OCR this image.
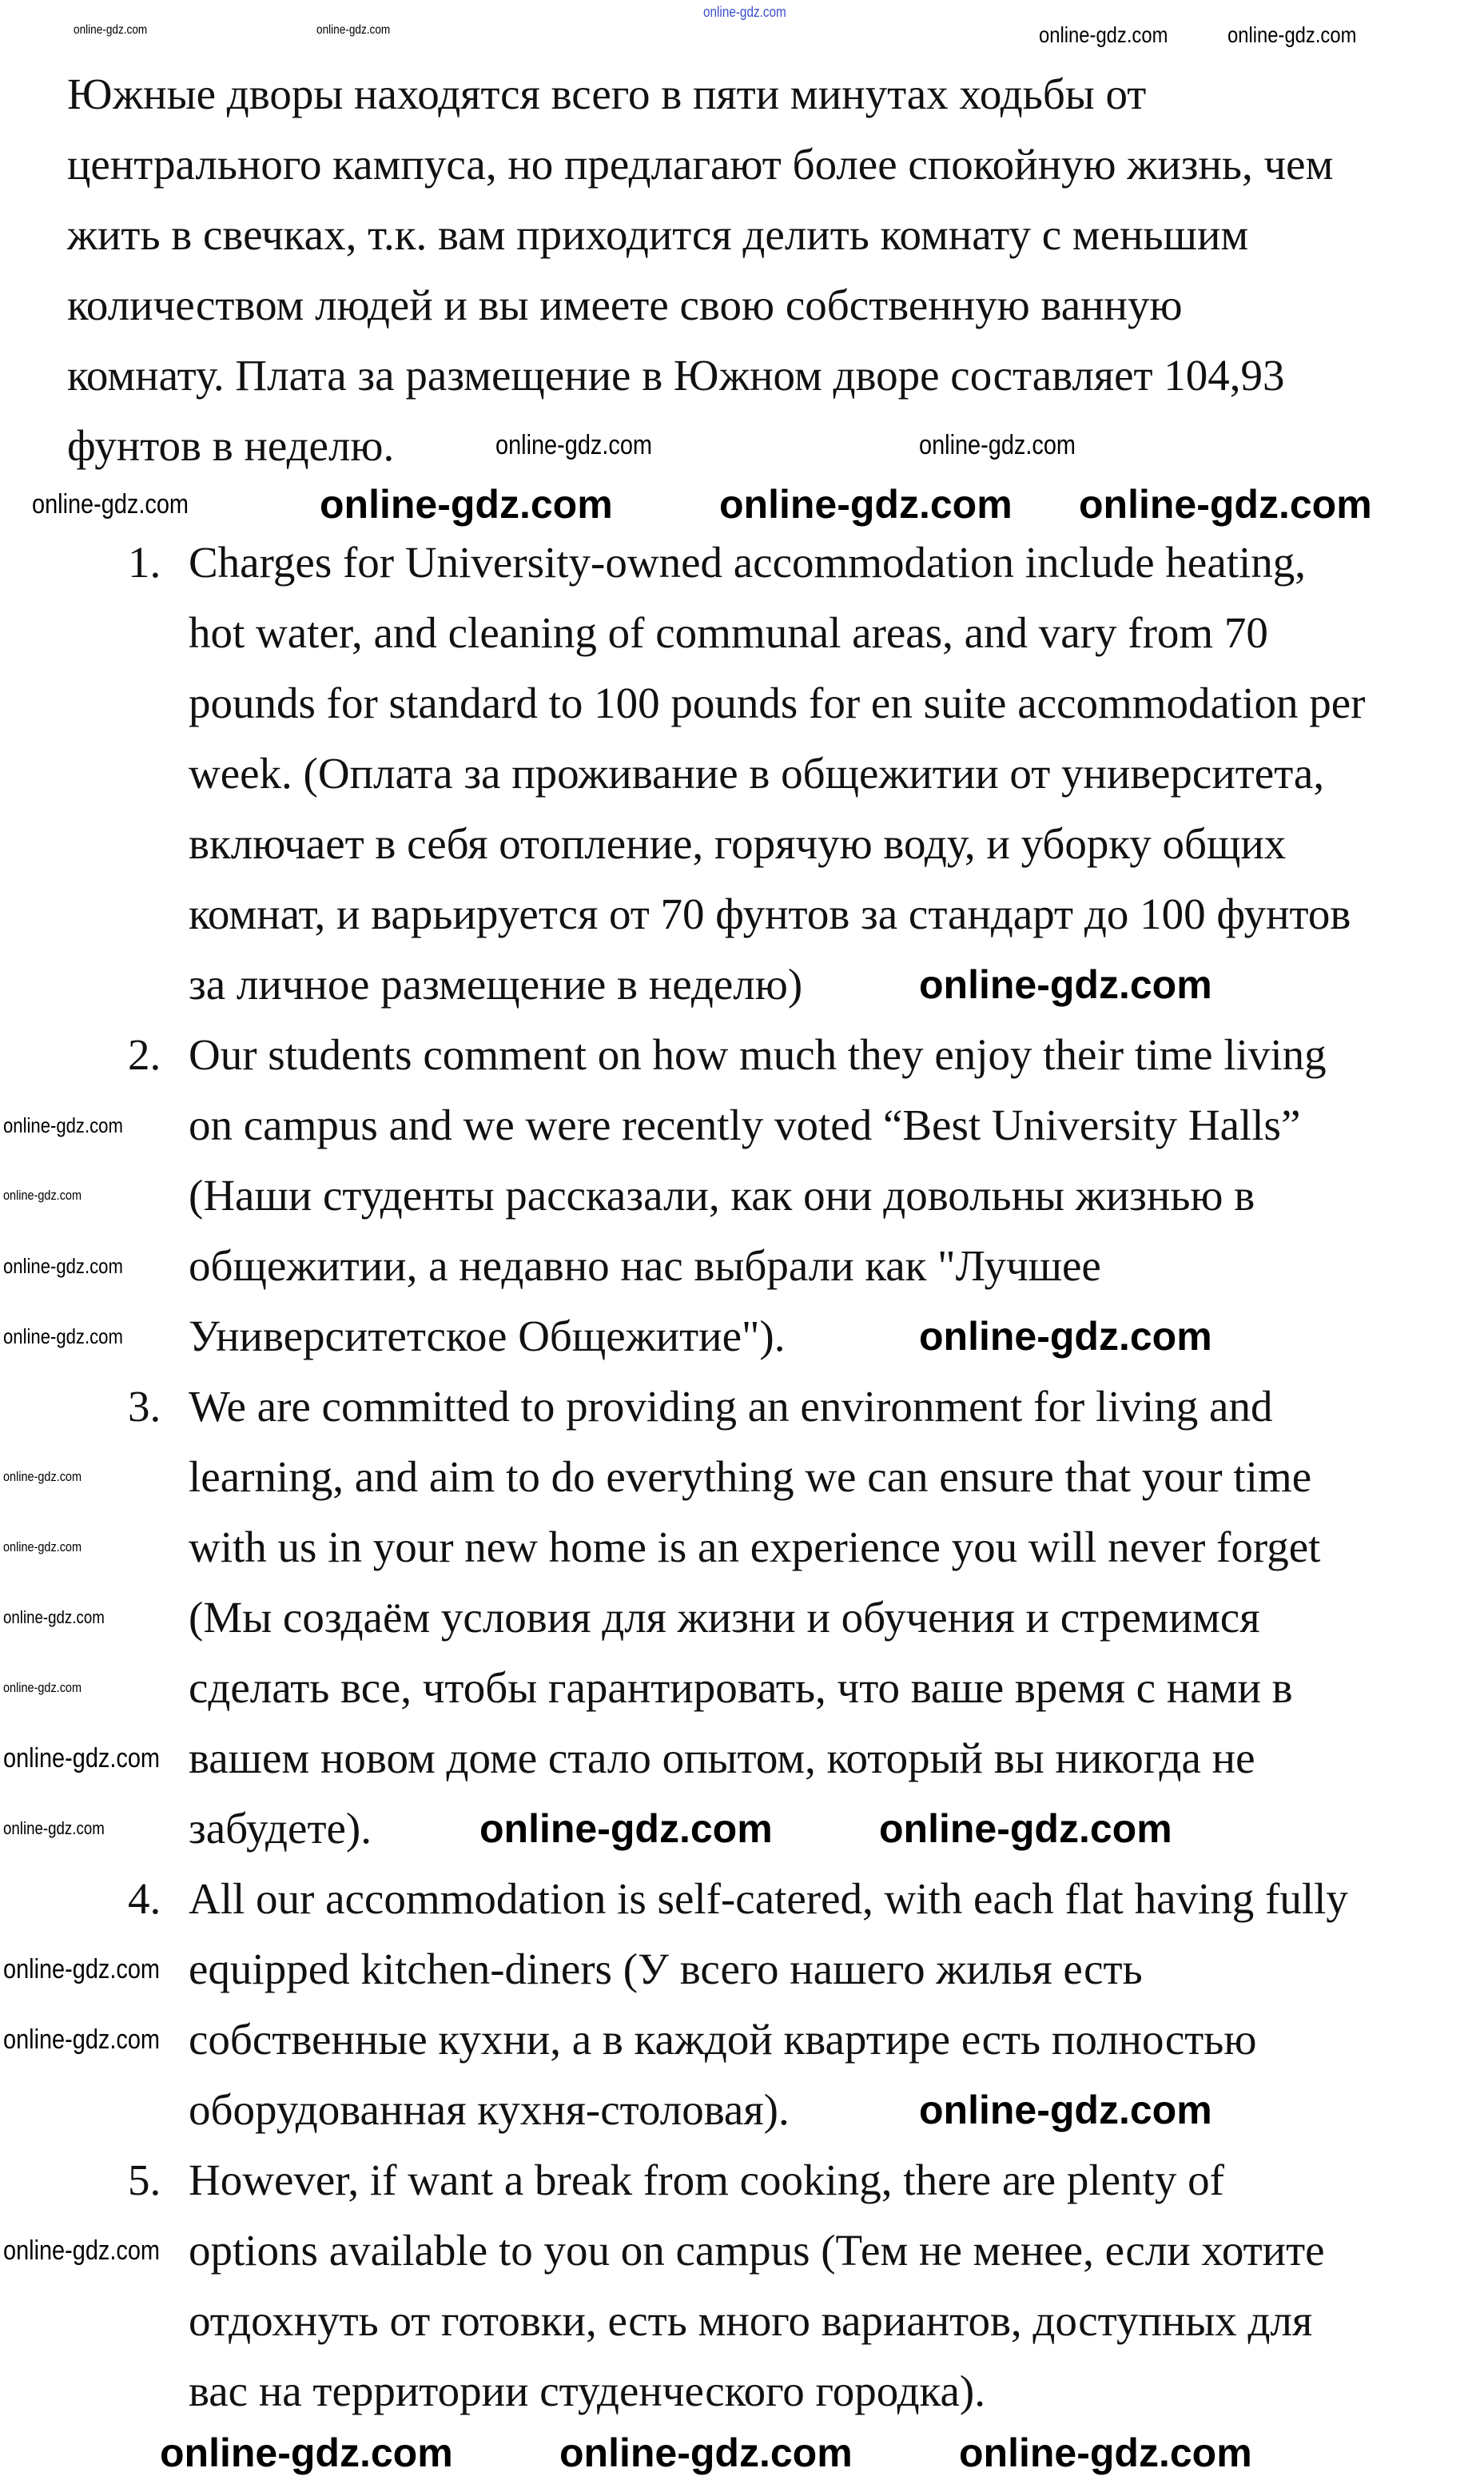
Южные дворы находятся всего в пяти минутах ходьбы от
центрального кампуса, но предлагают более спокойную жизнь, чем
жить в свечках, т.к. вам приходится делить комнату с меньшим
количеством людей и вы имеете свою собственную ванную
комнату. Плата за размещение в Южном дворе составляет 104,93
фунтов в неделю.
1. Charges for University-owned accommodation include heating,
hot water, and cleaning of communal areas, and vary from 70
pounds for standard to 100 pounds for en suite accommodation per
week. (Оплата за проживание в общежитии от университета,
включает в себя отопление, горячую воду, и уборку общих
комнат, и варьируется от 70 фунтов за стандарт до 100 фунтов
за личное размещение в неделю)
2. Our students comment on how much they enjoy their time living
on campus and we were recently voted “Best University Halls”
(Наши студенты рассказали, как они довольны жизнью в
общежитии, а недавно нас выбрали как "Лучшее
Университетское Общежитие").
3. We are committed to providing an environment for living and
learning, and aim to do everything we can ensure that your time
with us in your new home is an experience you will never forget
(Мы создаём условия для жизни и обучения и стремимся
сделать все, чтобы гарантировать, что ваше время с нами в
вашем новом доме стало опытом, который вы никогда не
забудете).
4. All our accommodation is self-catered, with each flat having fully
equipped kitchen-diners (У всего нашего жилья есть
собственные кухни, а в каждой квартире есть полностью
оборудованная кухня-столовая).
5. However, if want a break from cooking, there are plenty of
options available to you on campus (Тем не менее, если хотите
отдохнуть от готовки, есть много вариантов, доступных для
вас на территории студенческого городка).
online-gdz.com
online-gdz.com	online-gdz.com	online-gdz.com
online-gdz.com
online-gdz.com
online-gdz.com
online-gdz.com
online-gdz.com
online-gdz.com
online-gdz.com
online-gdz.com
online-gdz.com
online-gdz.com
online-gdz.com
online-gdz.com
online-gdz.com
online-gdz.com
online-gdz.com
online-gdz.com
online-gdz.com
online-gdz.com
online-gdz.com
online-gdz.com
online-gdz.com
online-gdz.com
online-gdz.com
online-gdz.com
online-gdz.com	online-gdz.com
online-gdz.com
online-gdz.com
